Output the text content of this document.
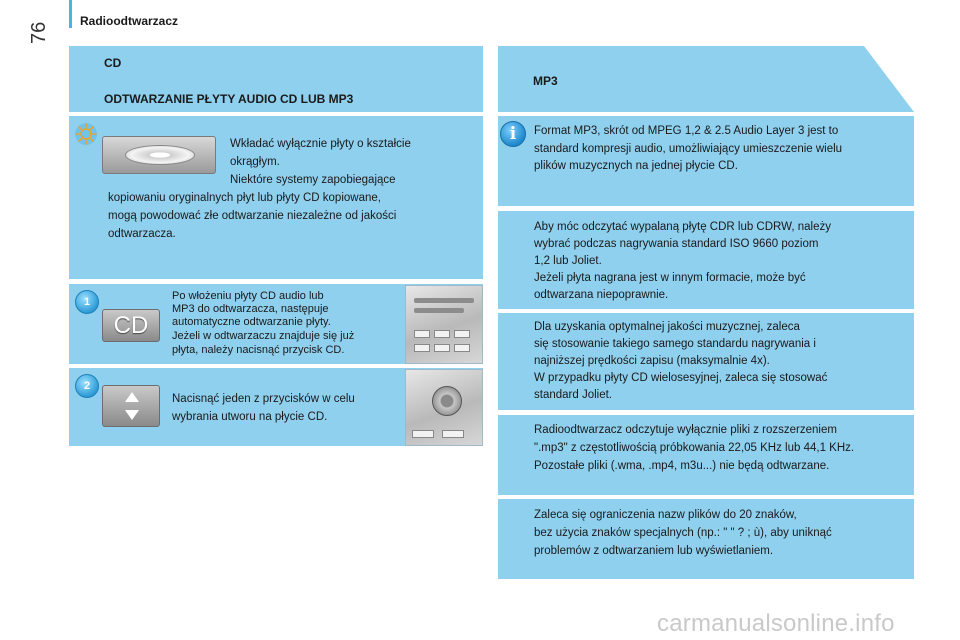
Radioodtwarzacz
76
CD
ODTWARZANIE PŁYTY AUDIO CD LUB MP3
Wkładać wyłącznie płyty o kształcie
okrągłym.
Niektóre systemy zapobiegające
kopiowaniu oryginalnych płyt lub płyty CD kopiowane,
mogą powodować złe odtwarzanie niezależne od jakości
odtwarzacza.
1
CD
Po włożeniu płyty CD audio lub
MP3 do odtwarzacza, następuje
automatyczne odtwarzanie płyty.
Jeżeli w odtwarzaczu znajduje się już
płyta, należy nacisnąć przycisk CD.
2
Nacisnąć jeden z przycisków w celu
wybrania utworu na płycie CD.
MP3
i	Format MP3, skrót od MPEG 1,2 & 2.5 Audio Layer 3 jest to
standard kompresji audio, umożliwiający umieszczenie wielu
plików muzycznych na jednej płycie CD.
Aby móc odczytać wypalaną płytę CDR lub CDRW, należy
wybrać podczas nagrywania standard ISO 9660 poziom
1,2 lub Joliet.
Jeżeli płyta nagrana jest w innym formacie, może być
odtwarzana niepoprawnie.
Dla uzyskania optymalnej jakości muzycznej, zaleca
się stosowanie takiego samego standardu nagrywania i
najniższej prędkości zapisu (maksymalnie 4x).
W przypadku płyty CD wielosesyjnej, zaleca się stosować
standard Joliet.
Radioodtwarzacz odczytuje wyłącznie pliki z rozszerzeniem
".mp3" z częstotliwością próbkowania 22,05 KHz lub 44,1 KHz.
Pozostałe pliki (.wma, .mp4, m3u...) nie będą odtwarzane.
Zaleca się ograniczenia nazw plików do 20 znaków,
bez użycia znaków specjalnych (np.: " " ? ; ù), aby uniknąć
problemów z odtwarzaniem lub wyświetlaniem.
carmanualsonline.info
